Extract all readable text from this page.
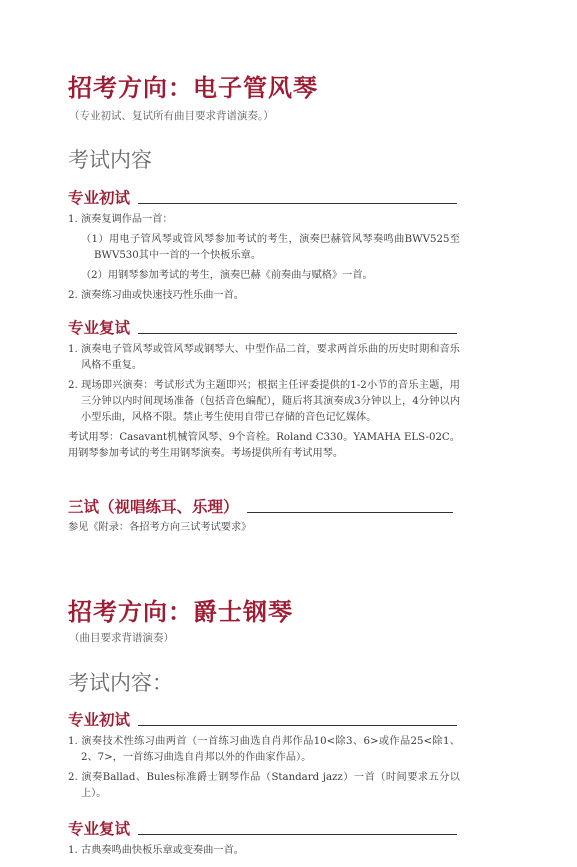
招考方向：电子管风琴
（专业初试、复试所有曲目要求背谱演奏。）
考试内容
专业初试
1. 演奏复调作品一首：
（1）用电子管风琴或管风琴参加考试的考生，演奏巴赫管风琴奏鸣曲BWV525至BWV530其中一首的一个快板乐章。
（2）用钢琴参加考试的考生，演奏巴赫《前奏曲与赋格》一首。
2. 演奏练习曲或快速技巧性乐曲一首。
专业复试
1. 演奏电子管风琴或管风琴或钢琴大、中型作品二首，要求两首乐曲的历史时期和音乐风格不重复。
2. 现场即兴演奏：考试形式为主题即兴；根据主任评委提供的1-2小节的音乐主题，用三分钟以内时间现场准备（包括音色编配），随后将其演奏成3分钟以上，4分钟以内小型乐曲，风格不限。禁止考生使用自带已存储的音色记忆媒体。
考试用琴：Casavant机械管风琴、9个音栓。Roland C330。YAMAHA ELS-02C。用钢琴参加考试的考生用钢琴演奏。考场提供所有考试用琴。
三试（视唱练耳、乐理）
参见《附录：各招考方向三试考试要求》
招考方向：爵士钢琴
（曲目要求背谱演奏）
考试内容：
专业初试
1. 演奏技术性练习曲两首（一首练习曲选自肖邦作品10<除3、6>或作品25<除1、2、7>，一首练习曲选自肖邦以外的作曲家作品）。
2. 演奏Ballad、Bules标准爵士钢琴作品（Standard jazz）一首（时间要求五分以上）。
专业复试
1. 古典奏鸣曲快板乐章或变奏曲一首。
